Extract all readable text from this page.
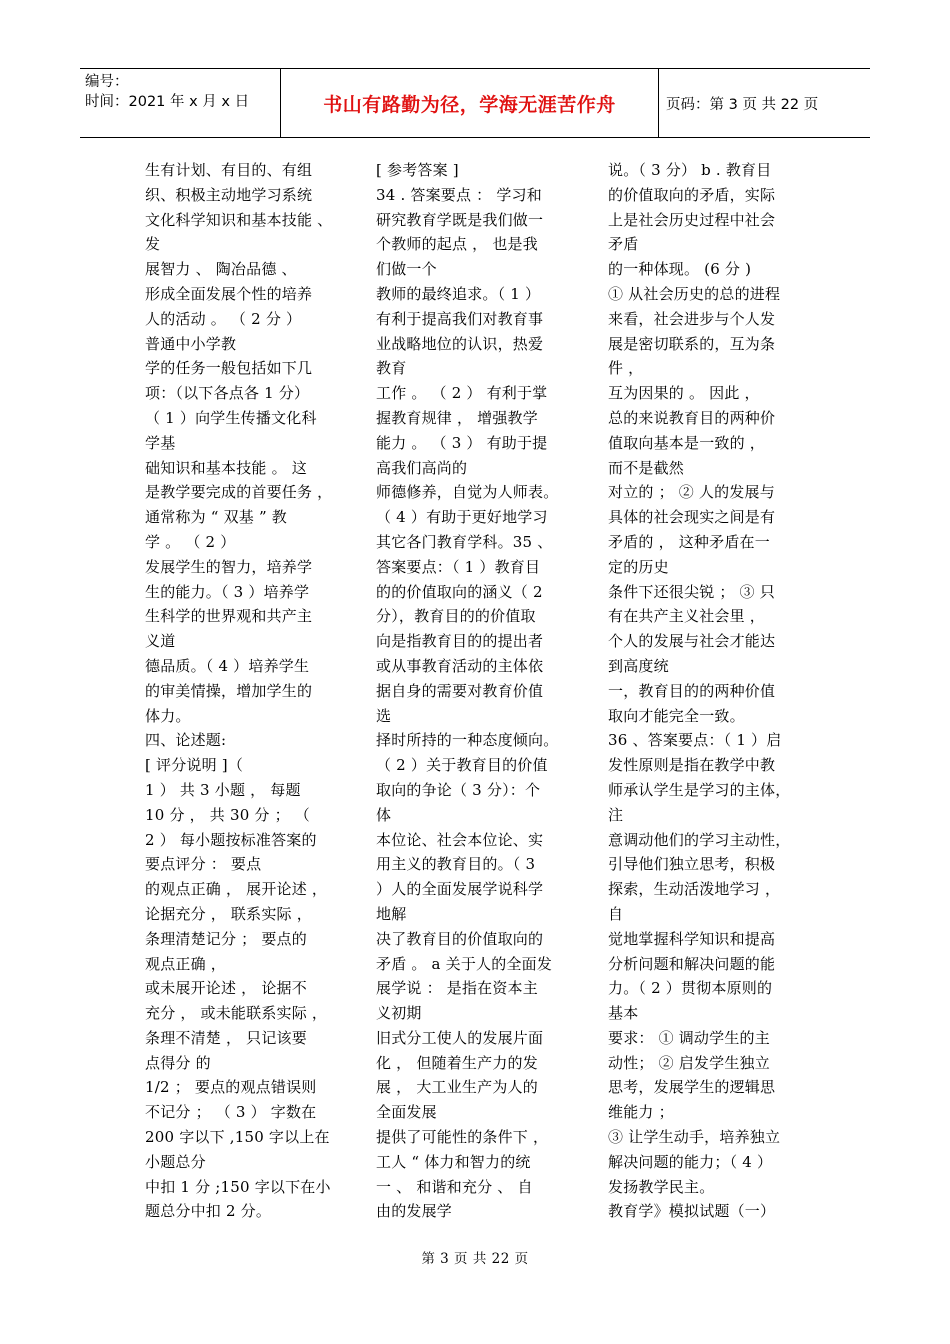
编号：
时间：2021 年 x 月 x 日	书山有路勤为径，学海无涯苦作舟	页码：第 3 页 共 22 页
生有计划、有目的、有组
织、积极主动地学习系统
文化科学知识和基本技能 、
发
展智力 、 陶冶品德 、
形成全面发展个性的培养
人的活动 。 （ 2 分 ）
普通中小学教
学的任务一般包括如下几
项：（以下各点各 1 分）
（ 1 ）向学生传播文化科
学基
础知识和基本技能 。 这
是教学要完成的首要任务 ，
通常称为 “ 双基 ” 教
学 。 （ 2 ）
发展学生的智力，培养学
生的能力。（ 3 ）培养学
生科学的世界观和共产主
义道
德品质。（ 4 ）培养学生
的审美情操，增加学生的
体力。
四、论述题:
[ 评分说明 ]（
1 ） 共 3 小题 ， 每题
10 分 ， 共 30 分 ； （
2 ） 每小题按标准答案的
要点评分 ： 要点
的观点正确 ， 展开论述 ，
论据充分 ， 联系实际 ，
条理清楚记分 ； 要点的
观点正确 ，
或未展开论述 ， 论据不
充分 ， 或未能联系实际 ，
条理不清楚 ， 只记该要
点得分 的
1/2 ； 要点的观点错误则
不记分 ； （ 3 ） 字数在
200 字以下 ,150 字以上在
小题总分
中扣 1 分 ;150 字以下在小
题总分中扣 2 分。
[ 参考答案 ]
34 . 答案要点 ： 学习和
研究教育学既是我们做一
个教师的起点 ， 也是我
们做一个
教师的最终追求。（ 1 ）
有利于提高我们对教育事
业战略地位的认识，热爱
教育
工作 。 （ 2 ） 有利于掌
握教育规律 ， 增强教学
能力 。 （ 3 ） 有助于提
高我们高尚的
师德修养，自觉为人师表。
（ 4 ）有助于更好地学习
其它各门教育学科。35 、
答案要点：（ 1 ）教育目
的的价值取向的涵义（ 2
分），教育目的的价值取
向是指教育目的的提出者
或从事教育活动的主体依
据自身的需要对教育价值
选
择时所持的一种态度倾向。
（ 2 ）关于教育目的价值
取向的争论（ 3 分）：个
体
本位论、社会本位论、实
用主义的教育目的。（ 3
）人的全面发展学说科学
地解
决了教育目的价值取向的
矛盾 。 a 关于人的全面发
展学说 ： 是指在资本主
义初期
旧式分工使人的发展片面
化 ， 但随着生产力的发
展 ， 大工业生产为人的
全面发展
提供了可能性的条件下 ，
工人 “ 体力和智力的统
一 、 和谐和充分 、 自
由的发展学
说。（ 3 分） b . 教育目
的价值取向的矛盾，实际
上是社会历史过程中社会
矛盾
的一种体现。 (6 分 )
① 从社会历史的总的进程
来看，社会进步与个人发
展是密切联系的，互为条
件 ，
互为因果的 。 因此 ，
总的来说教育目的两种价
值取向基本是一致的 ，
而不是截然
对立的 ； ② 人的发展与
具体的社会现实之间是有
矛盾的 ， 这种矛盾在一
定的历史
条件下还很尖锐 ； ③ 只
有在共产主义社会里 ，
个人的发展与社会才能达
到高度统
一，教育目的的两种价值
取向才能完全一致。
36 、答案要点：（ 1 ）启
发性原则是指在教学中教
师承认学生是学习的主体，
注
意调动他们的学习主动性，
引导他们独立思考，积极
探索，生动活泼地学习 ，
自
觉地掌握科学知识和提高
分析问题和解决问题的能
力。（ 2 ）贯彻本原则的
基本
要求： ① 调动学生的主
动性； ② 启发学生独立
思考，发展学生的逻辑思
维能力 ；
③ 让学生动手，培养独立
解决问题的能力；（ 4 ）
发扬教学民主。
教育学》模拟试题（一）
第 3 页 共 22 页
